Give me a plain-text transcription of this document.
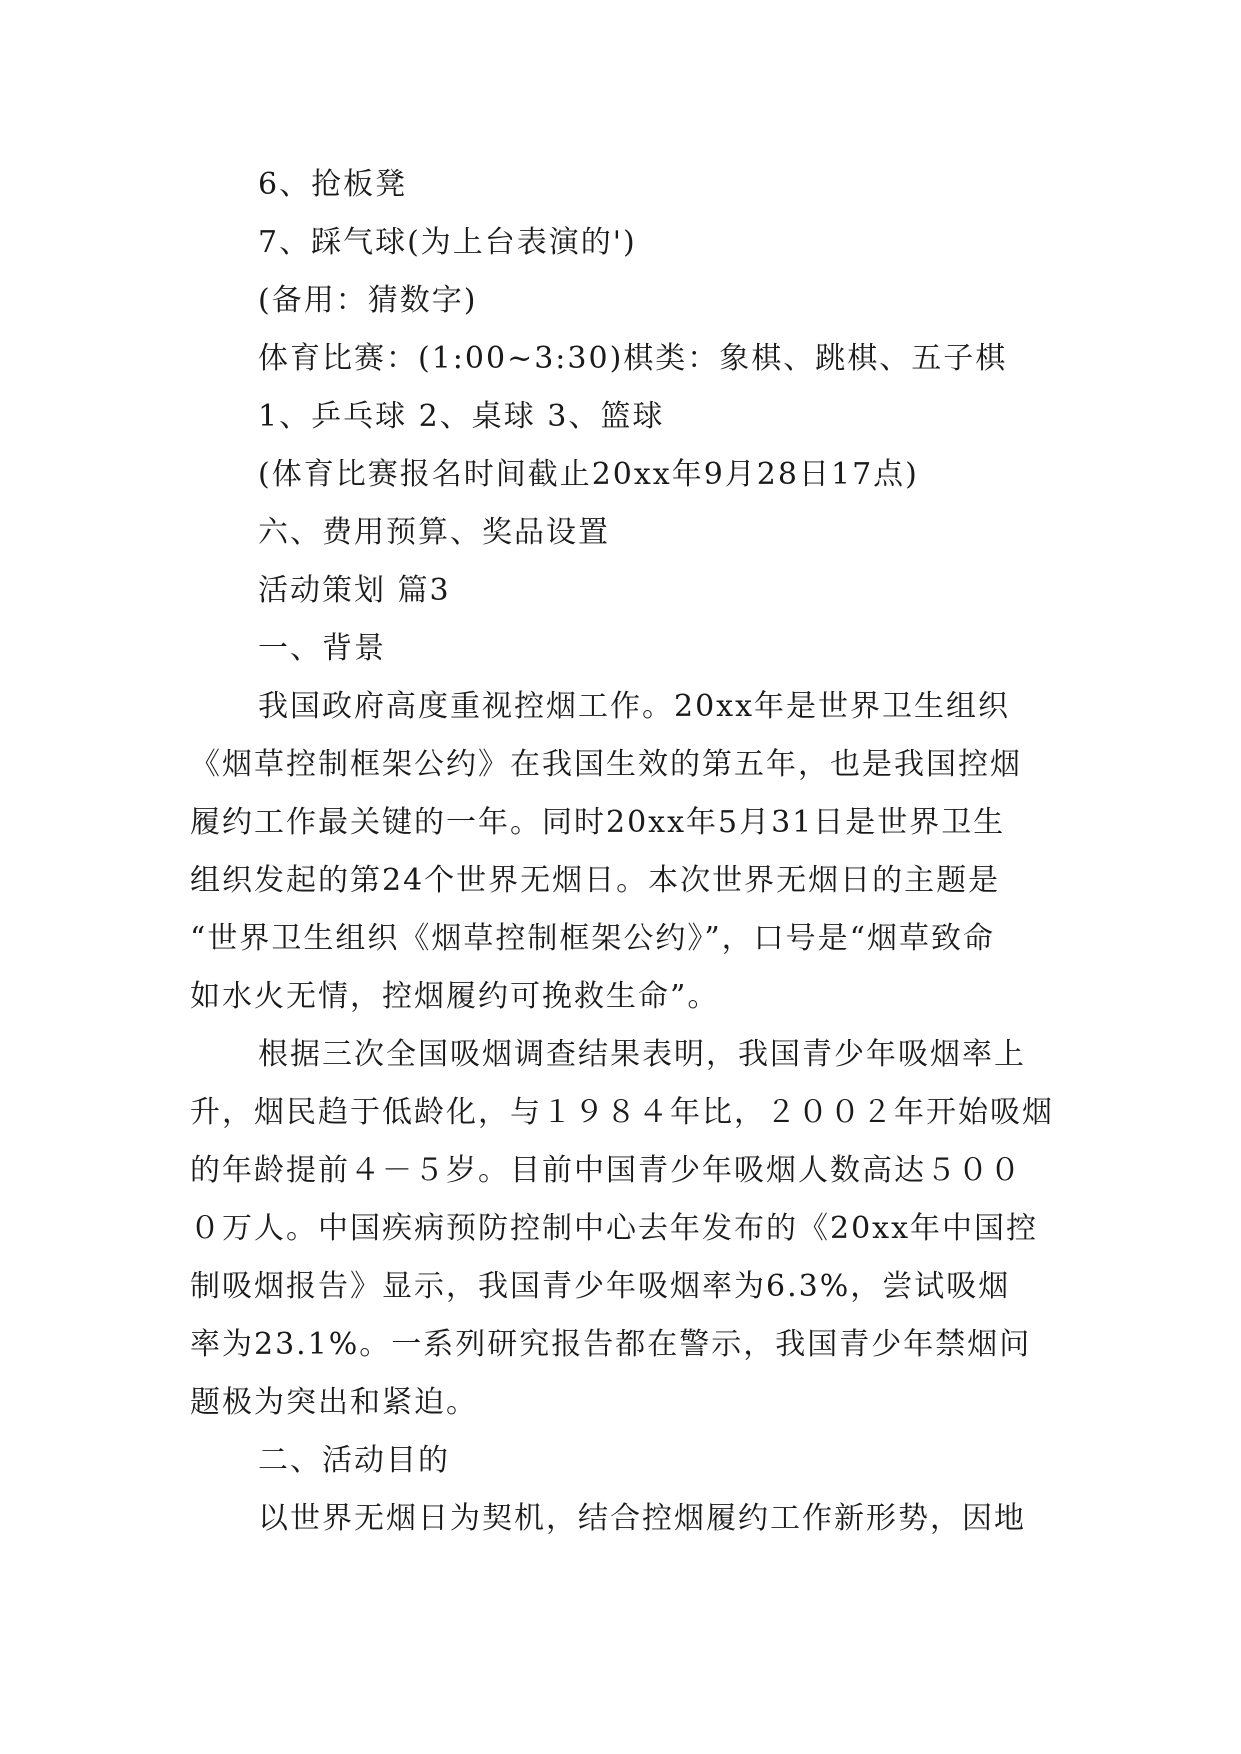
6、抢板凳
7、踩气球(为上台表演的')
(备用：猜数字)
体育比赛：(1:00~3:30)棋类：象棋、跳棋、五子棋
1、乒乓球 2、桌球 3、篮球
(体育比赛报名时间截止20xx年9月28日17点)
六、费用预算、奖品设置
活动策划 篇3
一、背景
我国政府高度重视控烟工作。20xx年是世界卫生组织
《烟草控制框架公约》在我国生效的第五年，也是我国控烟
履约工作最关键的一年。同时20xx年5月31日是世界卫生
组织发起的第24个世界无烟日。本次世界无烟日的主题是
“世界卫生组织《烟草控制框架公约》”，口号是“烟草致命
如水火无情，控烟履约可挽救生命”。
根据三次全国吸烟调查结果表明，我国青少年吸烟率上
升，烟民趋于低龄化，与１９８４年比，２００２年开始吸烟
的年龄提前４－５岁。目前中国青少年吸烟人数高达５００
０万人。中国疾病预防控制中心去年发布的《20xx年中国控
制吸烟报告》显示，我国青少年吸烟率为6.3%，尝试吸烟
率为23.1%。一系列研究报告都在警示，我国青少年禁烟问
题极为突出和紧迫。
二、活动目的
以世界无烟日为契机，结合控烟履约工作新形势，因地
